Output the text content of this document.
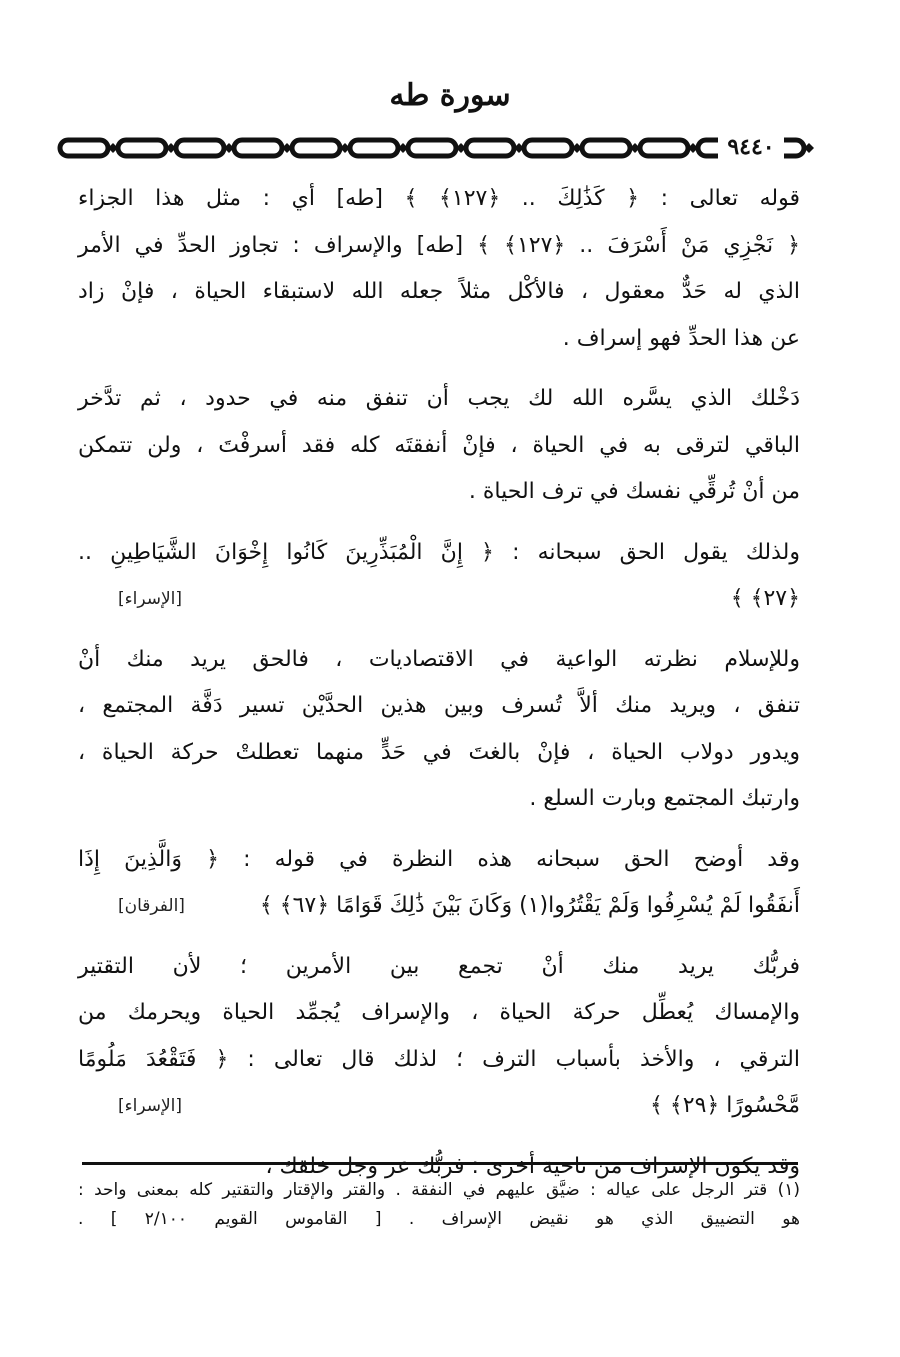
سورة طه
٩٤٤٠

قوله تعالى : ﴿ كَذَٰلِكَ .. ﴿١٢٧﴾ ﴾ [طه] أي : مثل هذا الجزاء
﴿ نَجْزِي مَنْ أَسْرَفَ .. ﴿١٢٧﴾ ﴾ [طه] والإسراف : تجاوز الحدِّ في الأمر
الذي له حَدٌّ معقول ، فالأكْل مثلاً جعله الله لاستبقاء الحياة ، فإنْ زاد
عن هذا الحدِّ فهو إسراف .

دَخْلك الذي يسَّره الله لك يجب أن تنفق منه في حدود ، ثم تدَّخر
الباقي لترقى به في الحياة ، فإنْ أنفقتَه كله فقد أسرفْتَ ، ولن تتمكن
من أنْ تُرقِّي نفسك في ترف الحياة .

ولذلك يقول الحق سبحانه : ﴿ إِنَّ الْمُبَذِّرِينَ كَانُوا إِخْوَانَ الشَّيَاطِينِ ..
﴿٢٧﴾ ﴾
[الإسراء]

وللإسلام نظرته الواعية في الاقتصاديات ، فالحق يريد منك أنْ
تنفق ، ويريد منك ألاَّ تُسرف وبين هذين الحدَّيْن تسير دَفَّة المجتمع ،
ويدور دولاب الحياة ، فإنْ بالغتَ في حَدٍّ منهما تعطلتْ حركة الحياة ،
وارتبك المجتمع وبارت السلع .

وقد أوضح الحق سبحانه هذه النظرة في قوله : ﴿ وَالَّذِينَ إِذَا
أَنفَقُوا لَمْ يُسْرِفُوا وَلَمْ يَقْتُرُوا(١) وَكَانَ بَيْنَ ذَٰلِكَ قَوَامًا ﴿٦٧﴾ ﴾
[الفرقان]

فربُّك يريد منك أنْ تجمع بين الأمرين ؛ لأن التقتير
والإمساك يُعطِّل حركة الحياة ، والإسراف يُجمِّد الحياة ويحرمك من
الترقي ، والأخذ بأسباب الترف ؛ لذلك قال تعالى : ﴿ فَتَقْعُدَ مَلُومًا
مَّحْسُورًا ﴿٢٩﴾ ﴾
[الإسراء]

وقد يكون الإسراف من ناحية أخرى : فربُّك عز وجل خلقك ،

(١) قتر الرجل على عياله : ضيَّق عليهم في النفقة . والقتر والإقتار والتقتير كله بمعنى واحد :
هو التضييق الذي هو نقيض الإسراف . [ القاموس القويم ٢/١٠٠ ] .
